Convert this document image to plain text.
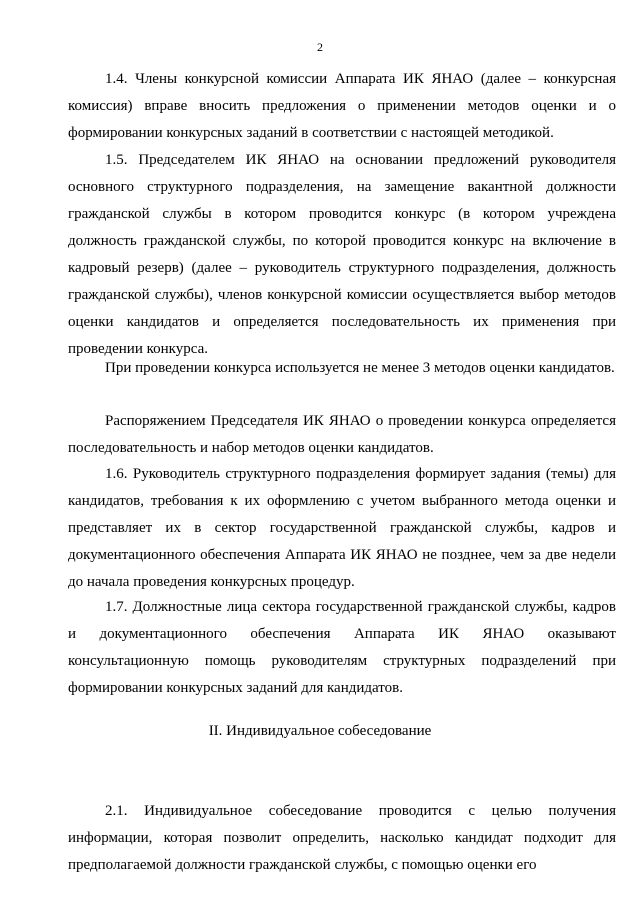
2

1.4. Члены конкурсной комиссии Аппарата ИК ЯНАО (далее – конкурсная комиссия) вправе вносить предложения о применении методов оценки и о формировании конкурсных заданий в соответствии с настоящей методикой.

1.5. Председателем ИК ЯНАО на основании предложений руководителя основного структурного подразделения, на замещение вакантной должности гражданской службы в котором проводится конкурс (в котором учреждена должность гражданской службы, по которой проводится конкурс на включение в кадровый резерв) (далее – руководитель структурного подразделения, должность гражданской службы), членов конкурсной комиссии осуществляется выбор методов оценки кандидатов и определяется последовательность их применения при проведении конкурса.

При проведении конкурса используется не менее 3 методов оценки кандидатов.

Распоряжением Председателя ИК ЯНАО о проведении конкурса определяется последовательность и набор методов оценки кандидатов.

1.6. Руководитель структурного подразделения формирует задания (темы) для кандидатов, требования к их оформлению с учетом выбранного метода оценки и представляет их в сектор государственной гражданской службы, кадров и документационного обеспечения Аппарата ИК ЯНАО не позднее, чем за две недели до начала проведения конкурсных процедур.

1.7. Должностные лица сектора государственной гражданской службы, кадров и документационного обеспечения Аппарата ИК ЯНАО оказывают консультационную помощь руководителям структурных подразделений при формировании конкурсных заданий для кандидатов.

II. Индивидуальное собеседование

2.1. Индивидуальное собеседование проводится с целью получения информации, которая позволит определить, насколько кандидат подходит для предполагаемой должности гражданской службы, с помощью оценки его
